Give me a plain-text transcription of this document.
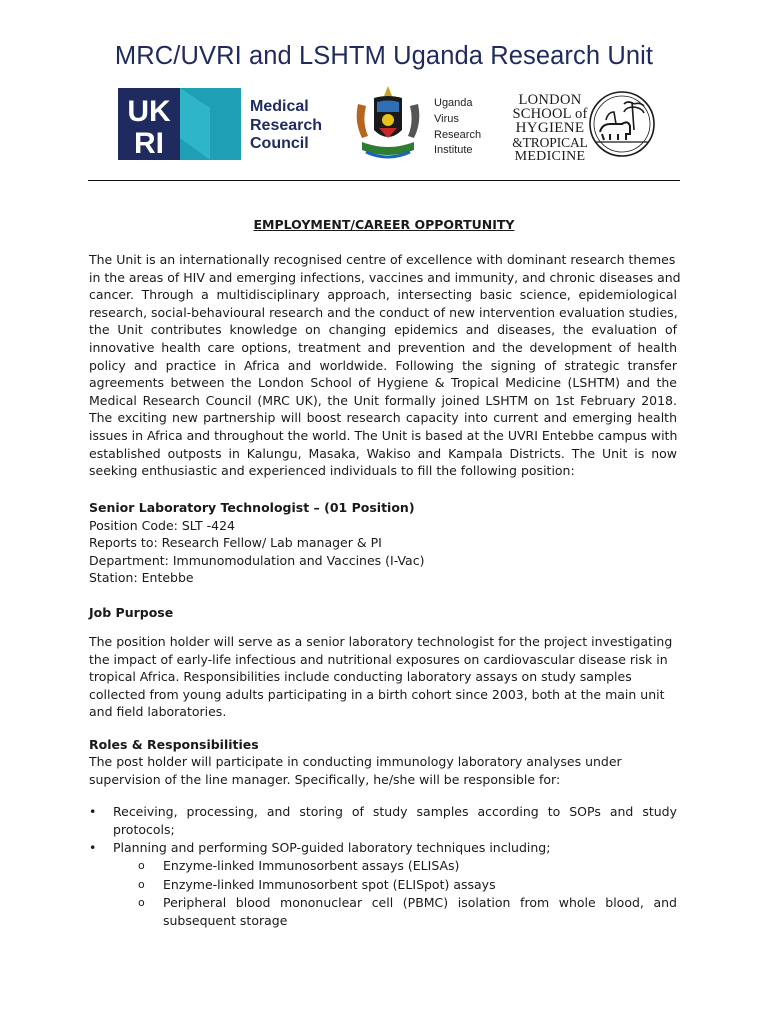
MRC/UVRI and LSHTM Uganda Research Unit
UK
RI
Medical
Research
Council
Uganda
Virus
Research
Institute
LONDON
SCHOOL of
HYGIENE
&TROPICAL
MEDICINE
EMPLOYMENT/CAREER OPPORTUNITY
The Unit is an internationally recognised centre of excellence with dominant research themes
in the areas of HIV and emerging infections, vaccines and immunity, and chronic diseases and
cancer. Through a multidisciplinary approach, intersecting basic science, epidemiological
research, social-behavioural research and the conduct of new intervention evaluation studies,
the Unit contributes knowledge on changing epidemics and diseases, the evaluation of
innovative health care options, treatment and prevention and the development of health
policy and practice in Africa and worldwide. Following the signing of strategic transfer
agreements between the London School of Hygiene & Tropical Medicine (LSHTM) and the
Medical Research Council (MRC UK), the Unit formally joined LSHTM on 1st February 2018.
The exciting new partnership will boost research capacity into current and emerging health
issues in Africa and throughout the world. The Unit is based at the UVRI Entebbe campus with
established outposts in Kalungu, Masaka, Wakiso and Kampala Districts. The Unit is now
seeking enthusiastic and experienced individuals to fill the following position:
Senior Laboratory Technologist – (01 Position)
Position Code: SLT -424
Reports to: Research Fellow/ Lab manager & PI
Department: Immunomodulation and Vaccines (I-Vac)
Station: Entebbe
Job Purpose
The position holder will serve as a senior laboratory technologist for the project investigating
the impact of early-life infectious and nutritional exposures on cardiovascular disease risk in
tropical Africa. Responsibilities include conducting laboratory assays on study samples
collected from young adults participating in a birth cohort since 2003, both at the main unit
and field laboratories.
Roles & Responsibilities
The post holder will participate in conducting immunology laboratory analyses under
supervision of the line manager. Specifically, he/she will be responsible for:
• Receiving, processing, and storing of study samples according to SOPs and study
protocols;
• Planning and performing SOP-guided laboratory techniques including;
o Enzyme-linked Immunosorbent assays (ELISAs)
o Enzyme-linked Immunosorbent spot (ELISpot) assays
o Peripheral blood mononuclear cell (PBMC) isolation from whole blood, and
subsequent storage
